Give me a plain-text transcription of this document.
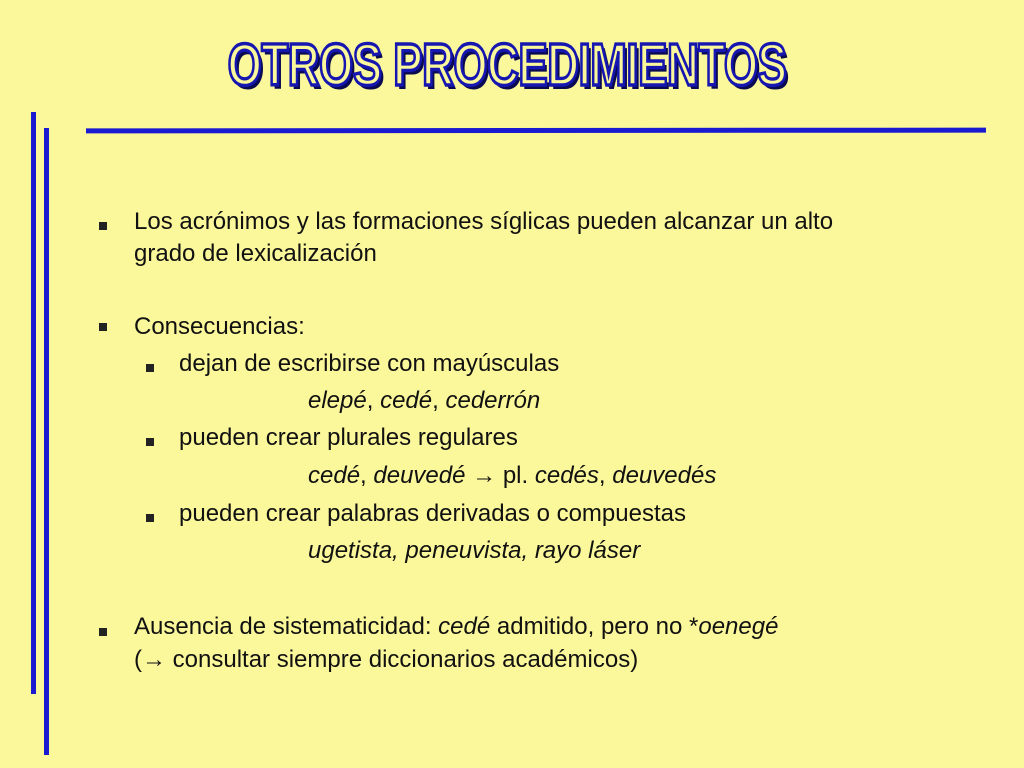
OTROS PROCEDIMIENTOS
Los acrónimos y las formaciones síglicas pueden alcanzar un alto
grado de lexicalización
Consecuencias:
dejan de escribirse con mayúsculas
elepé, cedé, cederrón
pueden crear plurales regulares
cedé, deuvedé → pl. cedés, deuvedés
pueden crear palabras derivadas o compuestas
ugetista, peneuvista, rayo láser
Ausencia de sistematicidad: cedé admitido, pero no *oenegé
(→ consultar siempre diccionarios académicos)
